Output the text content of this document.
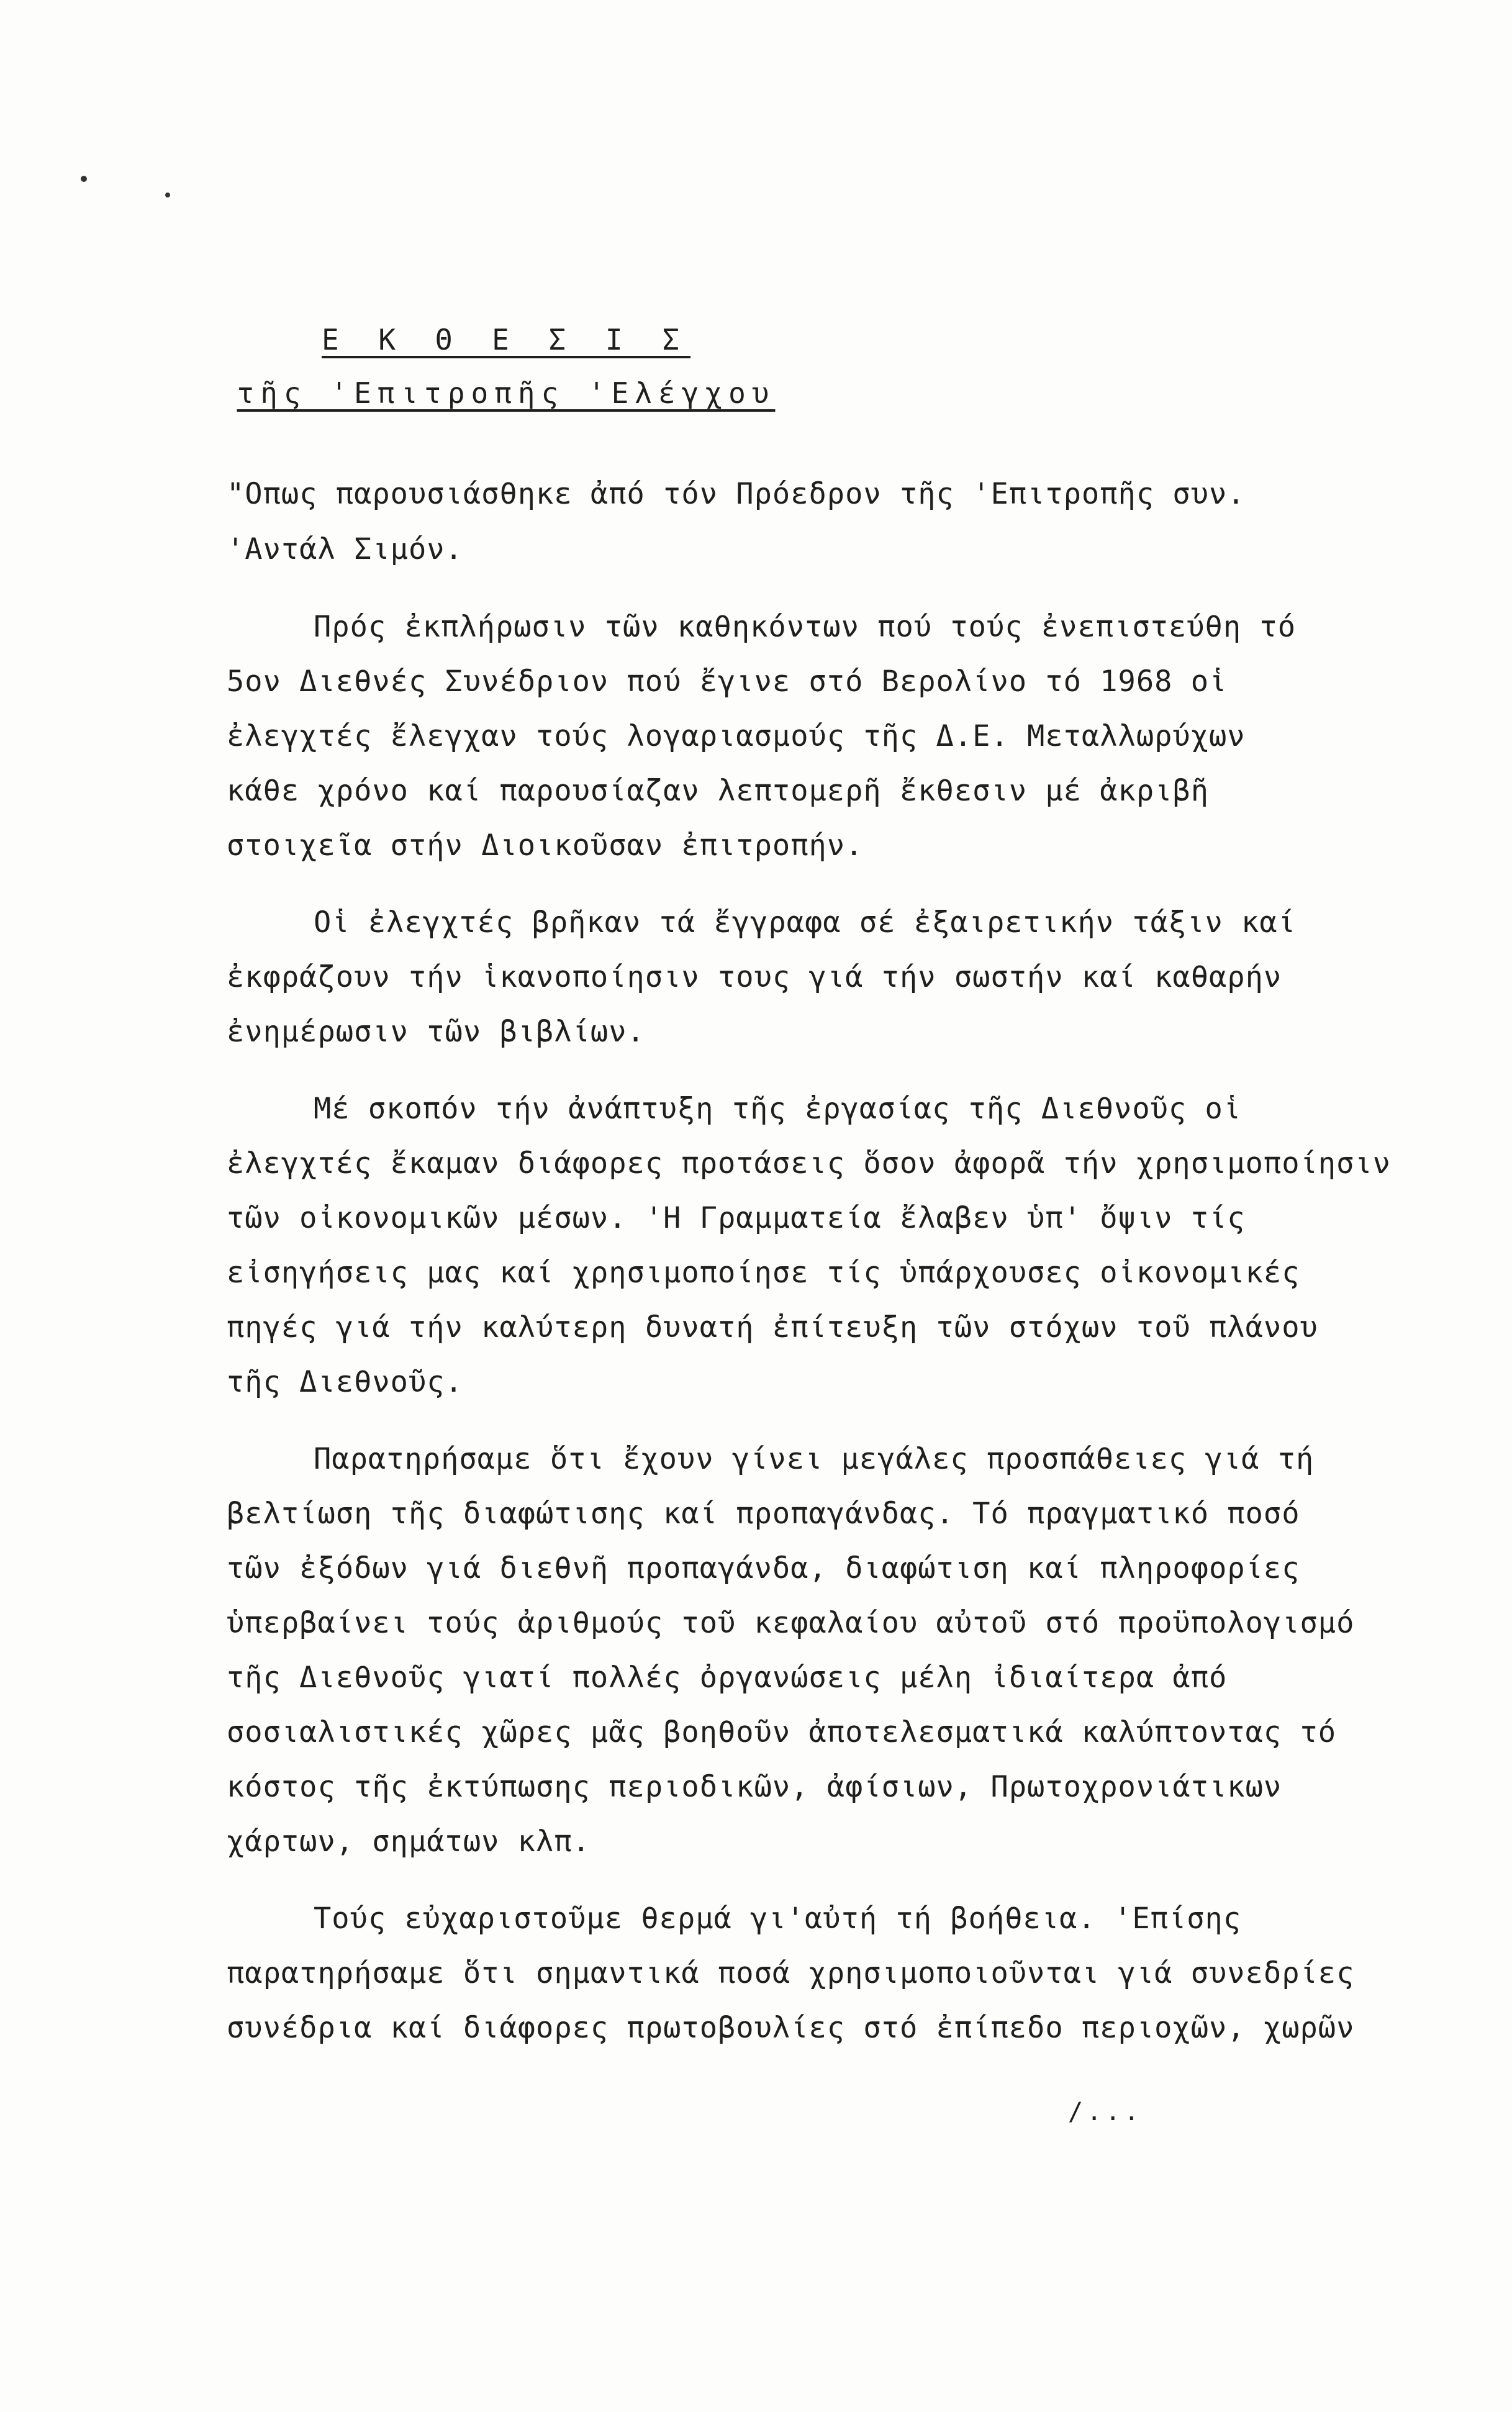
Ε Κ Θ Ε Σ Ι Σ
τῆς 'Επιτροπῆς 'Ελέγχου
"Οπως παρουσιάσθηκε ἀπό τόν Πρόεδρον τῆς 'Επιτροπῆς συν.
'Αντάλ Σιμόν.
Πρός ἐκπλήρωσιν τῶν καθηκόντων πού τούς ἐνεπιστεύθη τό
5ον Διεθνές Συνέδριον πού ἔγινε στό Βερολίνο τό 1968 οἱ
ἐλεγχτές ἔλεγχαν τούς λογαριασμούς τῆς Δ.Ε. Μεταλλωρύχων
κάθε χρόνο καί παρουσίαζαν λεπτομερῆ ἔκθεσιν μέ ἀκριβῆ
στοιχεῖα στήν Διοικοῦσαν ἐπιτροπήν.
Οἱ ἐλεγχτές βρῆκαν τά ἔγγραφα σέ ἐξαιρετικήν τάξιν καί
ἐκφράζουν τήν ἱκανοποίησιν τους γιά τήν σωστήν καί καθαρήν
ἐνημέρωσιν τῶν βιβλίων.
Μέ σκοπόν τήν ἀνάπτυξη τῆς ἐργασίας τῆς Διεθνοῦς οἱ
ἐλεγχτές ἔκαμαν διάφορες προτάσεις ὅσον ἀφορᾶ τήν χρησιμοποίησιν
τῶν οἰκονομικῶν μέσων. 'Η Γραμματεία ἔλαβεν ὑπ' ὄψιν τίς
εἰσηγήσεις μας καί χρησιμοποίησε τίς ὑπάρχουσες οἰκονομικές
πηγές γιά τήν καλύτερη δυνατή ἐπίτευξη τῶν στόχων τοῦ πλάνου
τῆς Διεθνοῦς.
Παρατηρήσαμε ὅτι ἔχουν γίνει μεγάλες προσπάθειες γιά τή
βελτίωση τῆς διαφώτισης καί προπαγάνδας. Τό πραγματικό ποσό
τῶν ἐξόδων γιά διεθνῆ προπαγάνδα, διαφώτιση καί πληροφορίες
ὑπερβαίνει τούς ἀριθμούς τοῦ κεφαλαίου αὐτοῦ στό προϋπολογισμό
τῆς Διεθνοῦς γιατί πολλές ὀργανώσεις μέλη ἰδιαίτερα ἀπό
σοσιαλιστικές χῶρες μᾶς βοηθοῦν ἀποτελεσματικά καλύπτοντας τό
κόστος τῆς ἐκτύπωσης περιοδικῶν, ἀφίσιων, Πρωτοχρονιάτικων
χάρτων, σημάτων κλπ.
Τούς εὐχαριστοῦμε θερμά γι'αὐτή τή βοήθεια. 'Επίσης
παρατηρήσαμε ὅτι σημαντικά ποσά χρησιμοποιοῦνται γιά συνεδρίες
συνέδρια καί διάφορες πρωτοβουλίες στό ἐπίπεδο περιοχῶν, χωρῶν
/...
